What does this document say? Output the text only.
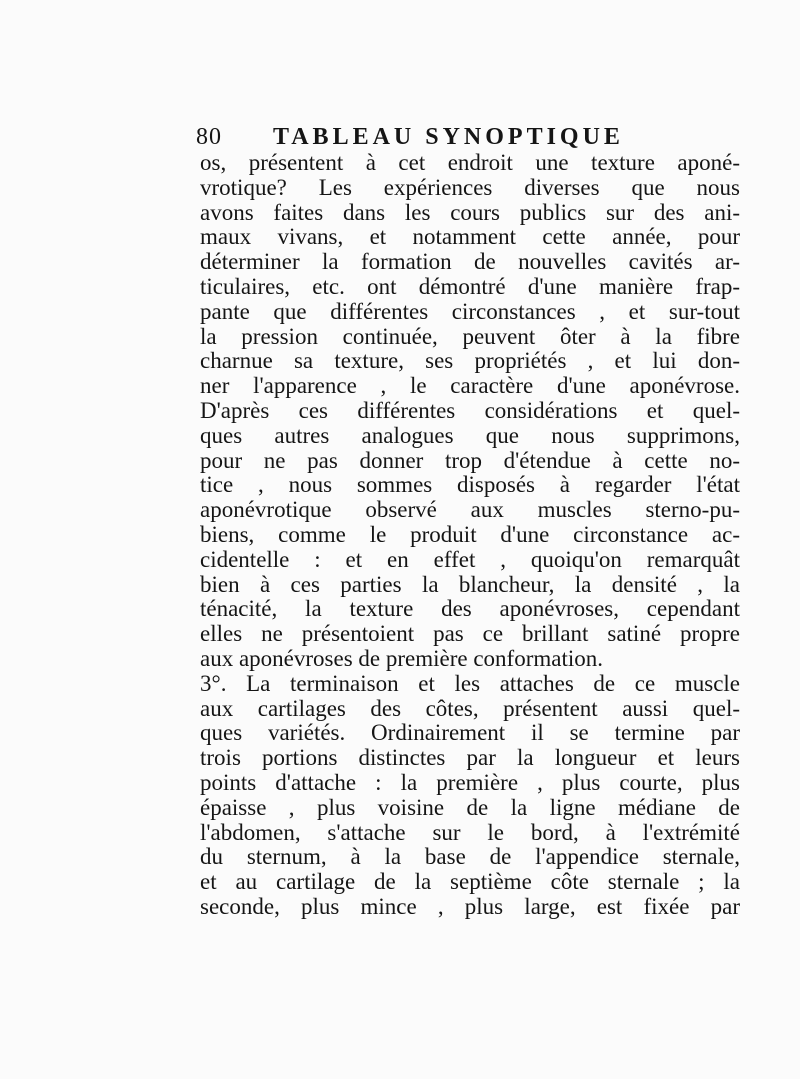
80 TABLEAU SYNOPTIQUE
os, présentent à cet endroit une texture aponé-
vrotique? Les expériences diverses que nous
avons faites dans les cours publics sur des ani-
maux vivans, et notamment cette année, pour
déterminer la formation de nouvelles cavités ar-
ticulaires, etc. ont démontré d'une manière frap-
pante que différentes circonstances , et sur-tout
la pression continuée, peuvent ôter à la fibre
charnue sa texture, ses propriétés , et lui don-
ner l'apparence , le caractère d'une aponévrose.
D'après ces différentes considérations et quel-
ques autres analogues que nous supprimons,
pour ne pas donner trop d'étendue à cette no-
tice , nous sommes disposés à regarder l'état
aponévrotique observé aux muscles sterno-pu-
biens, comme le produit d'une circonstance ac-
cidentelle : et en effet , quoiqu'on remarquât
bien à ces parties la blancheur, la densité , la
ténacité, la texture des aponévroses, cependant
elles ne présentoient pas ce brillant satiné propre
aux aponévroses de première conformation.
3°. La terminaison et les attaches de ce muscle
aux cartilages des côtes, présentent aussi quel-
ques variétés. Ordinairement il se termine par
trois portions distinctes par la longueur et leurs
points d'attache : la première , plus courte, plus
épaisse , plus voisine de la ligne médiane de
l'abdomen, s'attache sur le bord, à l'extrémité
du sternum, à la base de l'appendice sternale,
et au cartilage de la septième côte sternale ; la
seconde, plus mince , plus large, est fixée par
